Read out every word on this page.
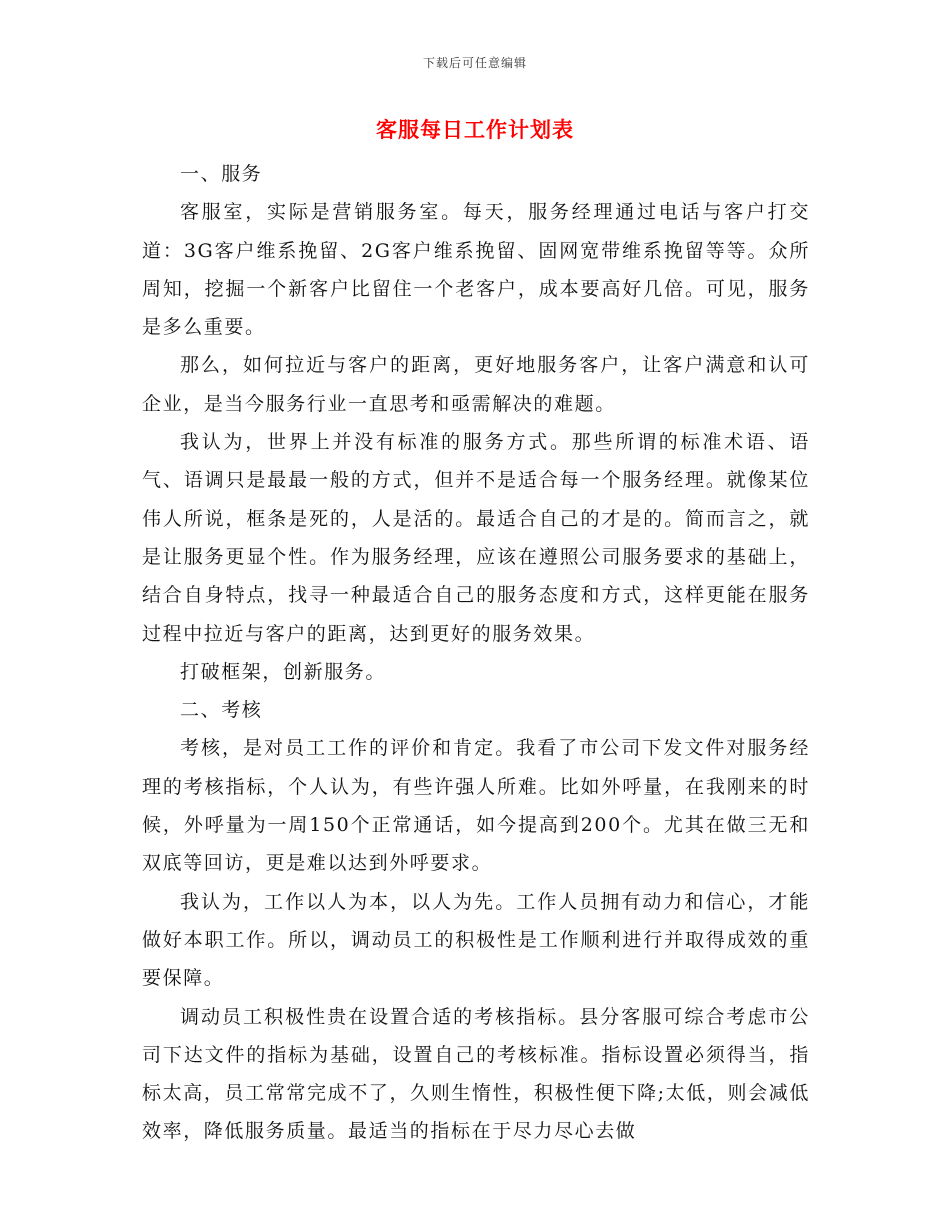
下载后可任意编辑
客服每日工作计划表

一、服务

客服室，实际是营销服务室。每天，服务经理通过电话与客户打交道：3G客户维系挽留、2G客户维系挽留、固网宽带维系挽留等等。众所周知，挖掘一个新客户比留住一个老客户，成本要高好几倍。可见，服务是多么重要。

那么，如何拉近与客户的距离，更好地服务客户，让客户满意和认可企业，是当今服务行业一直思考和亟需解决的难题。

我认为，世界上并没有标准的服务方式。那些所谓的标准术语、语气、语调只是最最一般的方式，但并不是适合每一个服务经理。就像某位伟人所说，框条是死的，人是活的。最适合自己的才是的。简而言之，就是让服务更显个性。作为服务经理，应该在遵照公司服务要求的基础上，结合自身特点，找寻一种最适合自己的服务态度和方式，这样更能在服务过程中拉近与客户的距离，达到更好的服务效果。

打破框架，创新服务。

二、考核

考核，是对员工工作的评价和肯定。我看了市公司下发文件对服务经理的考核指标，个人认为，有些许强人所难。比如外呼量，在我刚来的时候，外呼量为一周150个正常通话，如今提高到200个。尤其在做三无和双底等回访，更是难以达到外呼要求。

我认为，工作以人为本，以人为先。工作人员拥有动力和信心，才能做好本职工作。所以，调动员工的积极性是工作顺利进行并取得成效的重要保障。

调动员工积极性贵在设置合适的考核指标。县分客服可综合考虑市公司下达文件的指标为基础，设置自己的考核标准。指标设置必须得当，指标太高，员工常常完成不了，久则生惰性，积极性便下降;太低，则会减低效率，降低服务质量。最适当的指标在于尽力尽心去做
